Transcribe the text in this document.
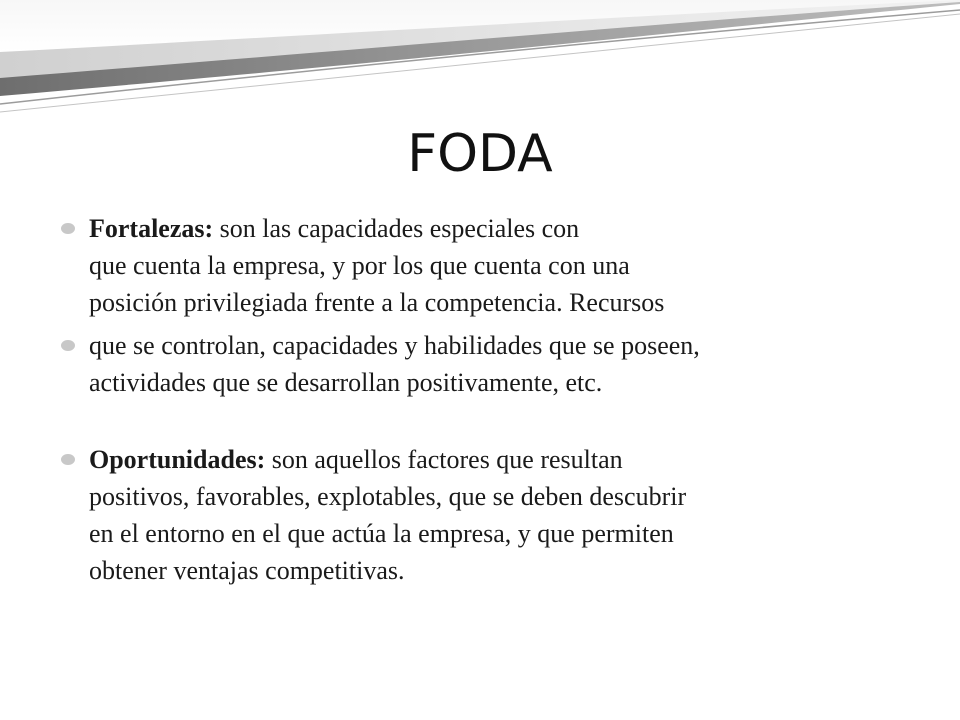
FODA
Fortalezas: son las capacidades especiales con
que cuenta la empresa, y por los que cuenta con una
posición privilegiada frente a la competencia. Recursos
que se controlan, capacidades y habilidades que se poseen,
actividades que se desarrollan positivamente, etc.
Oportunidades: son aquellos factores que resultan
positivos, favorables, explotables, que se deben descubrir
en el entorno en el que actúa la empresa, y que permiten
obtener ventajas competitivas.
